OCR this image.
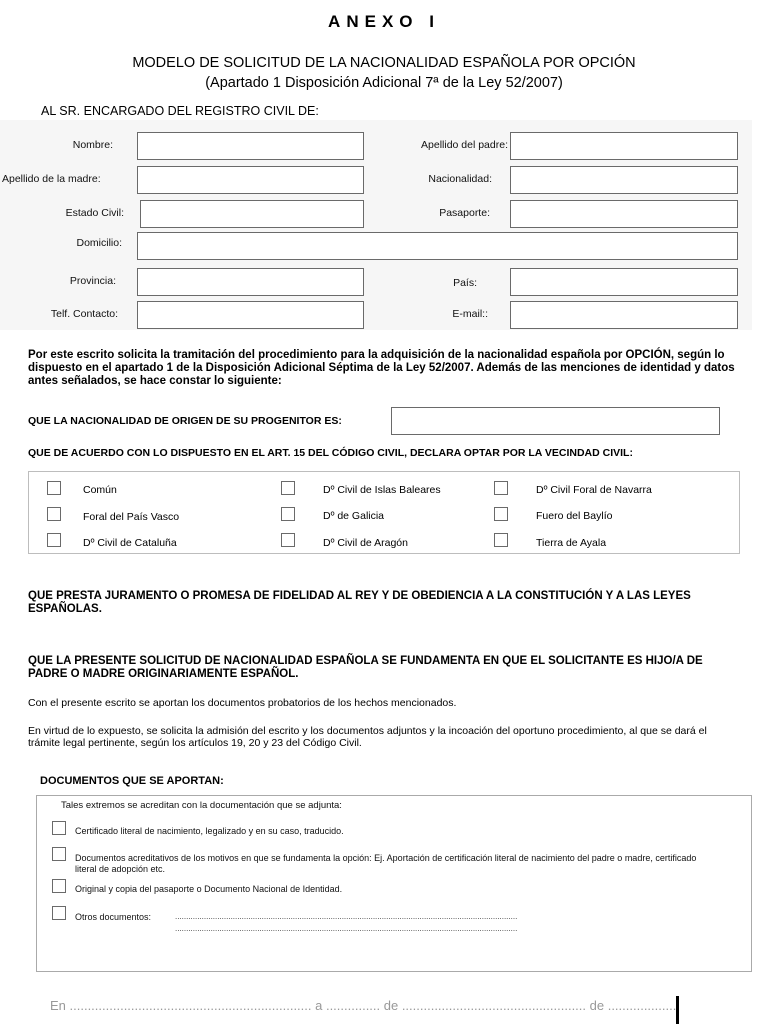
ANEXO I
MODELO DE SOLICITUD DE LA NACIONALIDAD ESPAÑOLA POR OPCIÓN
(Apartado 1 Disposición Adicional 7ª de la Ley 52/2007)
AL SR. ENCARGADO DEL REGISTRO CIVIL DE:
Nombre:	Apellido del padre:
Apellido de la madre:	Nacionalidad:
Estado Civil:	Pasaporte:
Domicilio:
Provincia:	País:
Telf. Contacto:	E-mail::
Por este escrito solicita la tramitación del procedimiento para la adquisición de la nacionalidad española por OPCIÓN, según lo dispuesto en el apartado 1 de la Disposición Adicional Séptima de la Ley 52/2007. Además de las menciones de identidad y datos antes señalados, se hace constar lo siguiente:
QUE LA NACIONALIDAD DE ORIGEN DE SU PROGENITOR ES:
QUE DE ACUERDO CON LO DISPUESTO EN EL ART. 15 DEL CÓDIGO CIVIL, DECLARA OPTAR POR LA VECINDAD CIVIL:
Común	Dº Civil de Islas Baleares	Dº Civil Foral de Navarra
Foral del País Vasco	Dº de Galicia	Fuero del Baylío
Dº Civil de Cataluña	Dº Civil de Aragón	Tierra de Ayala
QUE PRESTA JURAMENTO O PROMESA DE FIDELIDAD AL REY Y DE OBEDIENCIA A LA CONSTITUCIÓN Y A LAS LEYES ESPAÑOLAS.
QUE LA PRESENTE SOLICITUD DE NACIONALIDAD ESPAÑOLA SE FUNDAMENTA EN QUE EL SOLICITANTE ES HIJO/A DE PADRE O MADRE ORIGINARIAMENTE ESPAÑOL.
Con el presente escrito se aportan los documentos probatorios de los hechos mencionados.
En virtud de lo expuesto, se solicita la admisión del escrito y los documentos adjuntos y la incoación del oportuno procedimiento, al que se dará el trámite legal pertinente, según los artículos 19, 20 y 23 del Código Civil.
DOCUMENTOS QUE SE APORTAN:
Tales extremos se acreditan con la documentación que se adjunta:
Certificado literal de nacimiento, legalizado y en su caso, traducido.
Documentos acreditativos de los motivos en que se fundamenta la opción: Ej. Aportación de certificación literal de nacimiento del padre o madre, certificado literal de adopción etc.
Original y copia del pasaporte o Documento Nacional de Identidad.
Otros documentos:	..........................................................................................................................................................
..........................................................................................................................................................
En ................................................................... a ............... de ................................................... de ...................
